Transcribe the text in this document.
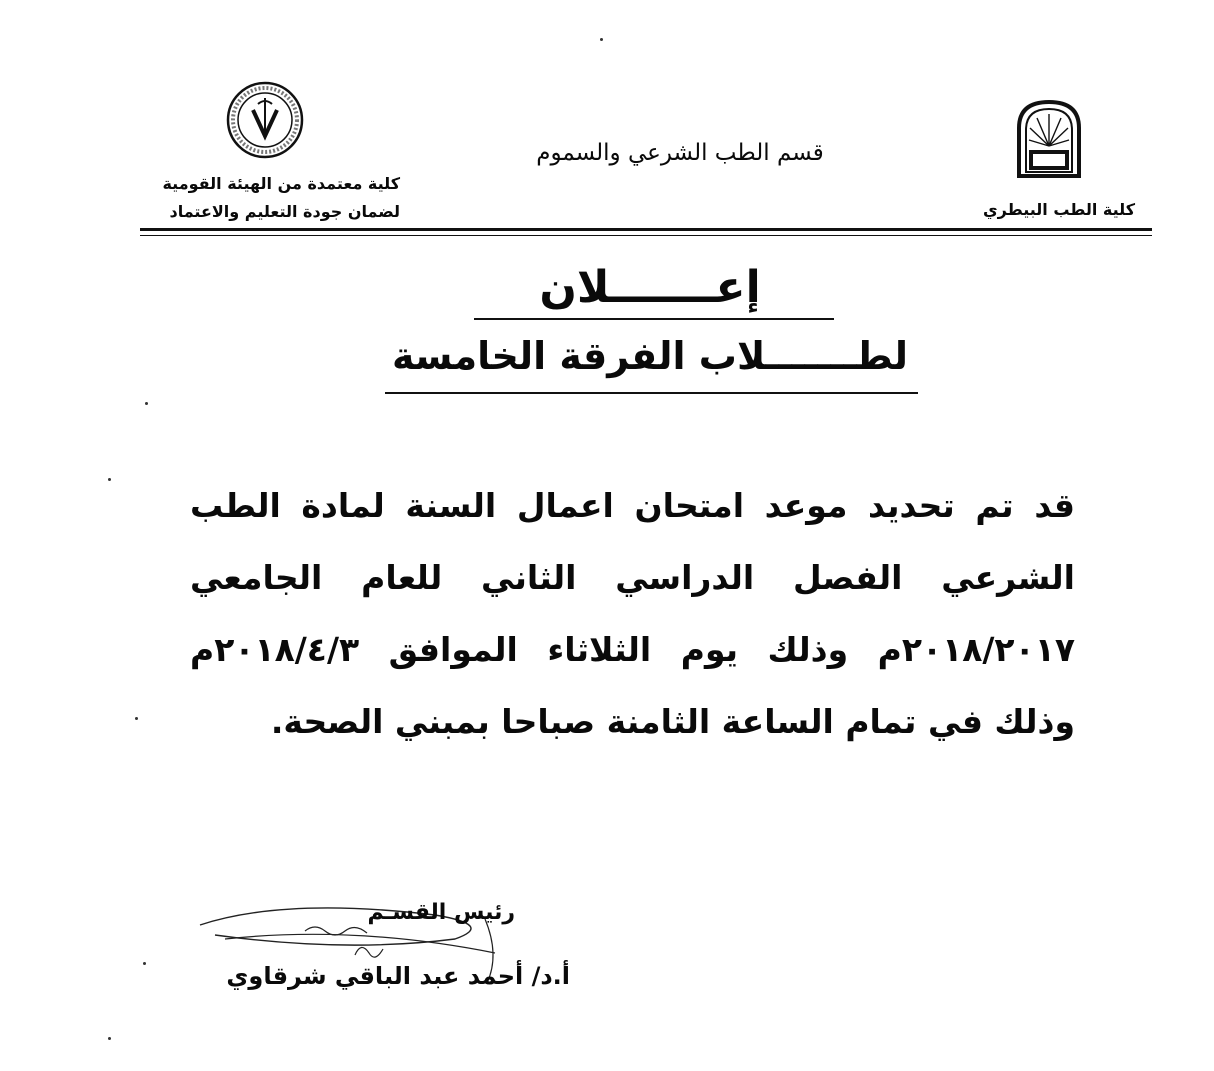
قسم الطب الشرعي والسموم
كلية الطب البيطري
كلية معتمدة من الهيئة القومية
لضمان جودة التعليم والاعتماد
إعـــــــلان
لطـــــــلاب الفرقة الخامسة
قد تم تحديد موعد امتحان اعمال السنة لمادة الطب الشرعي الفصل الدراسي الثاني للعام الجامعي ٢٠١٨/٢٠١٧م وذلك يوم الثلاثاء الموافق ٢٠١٨/٤/٣م وذلك في تمام الساعة الثامنة صباحا بمبني الصحة.
رئيس القسـم
أ.د/ أحمد عبد الباقي شرقاوي
